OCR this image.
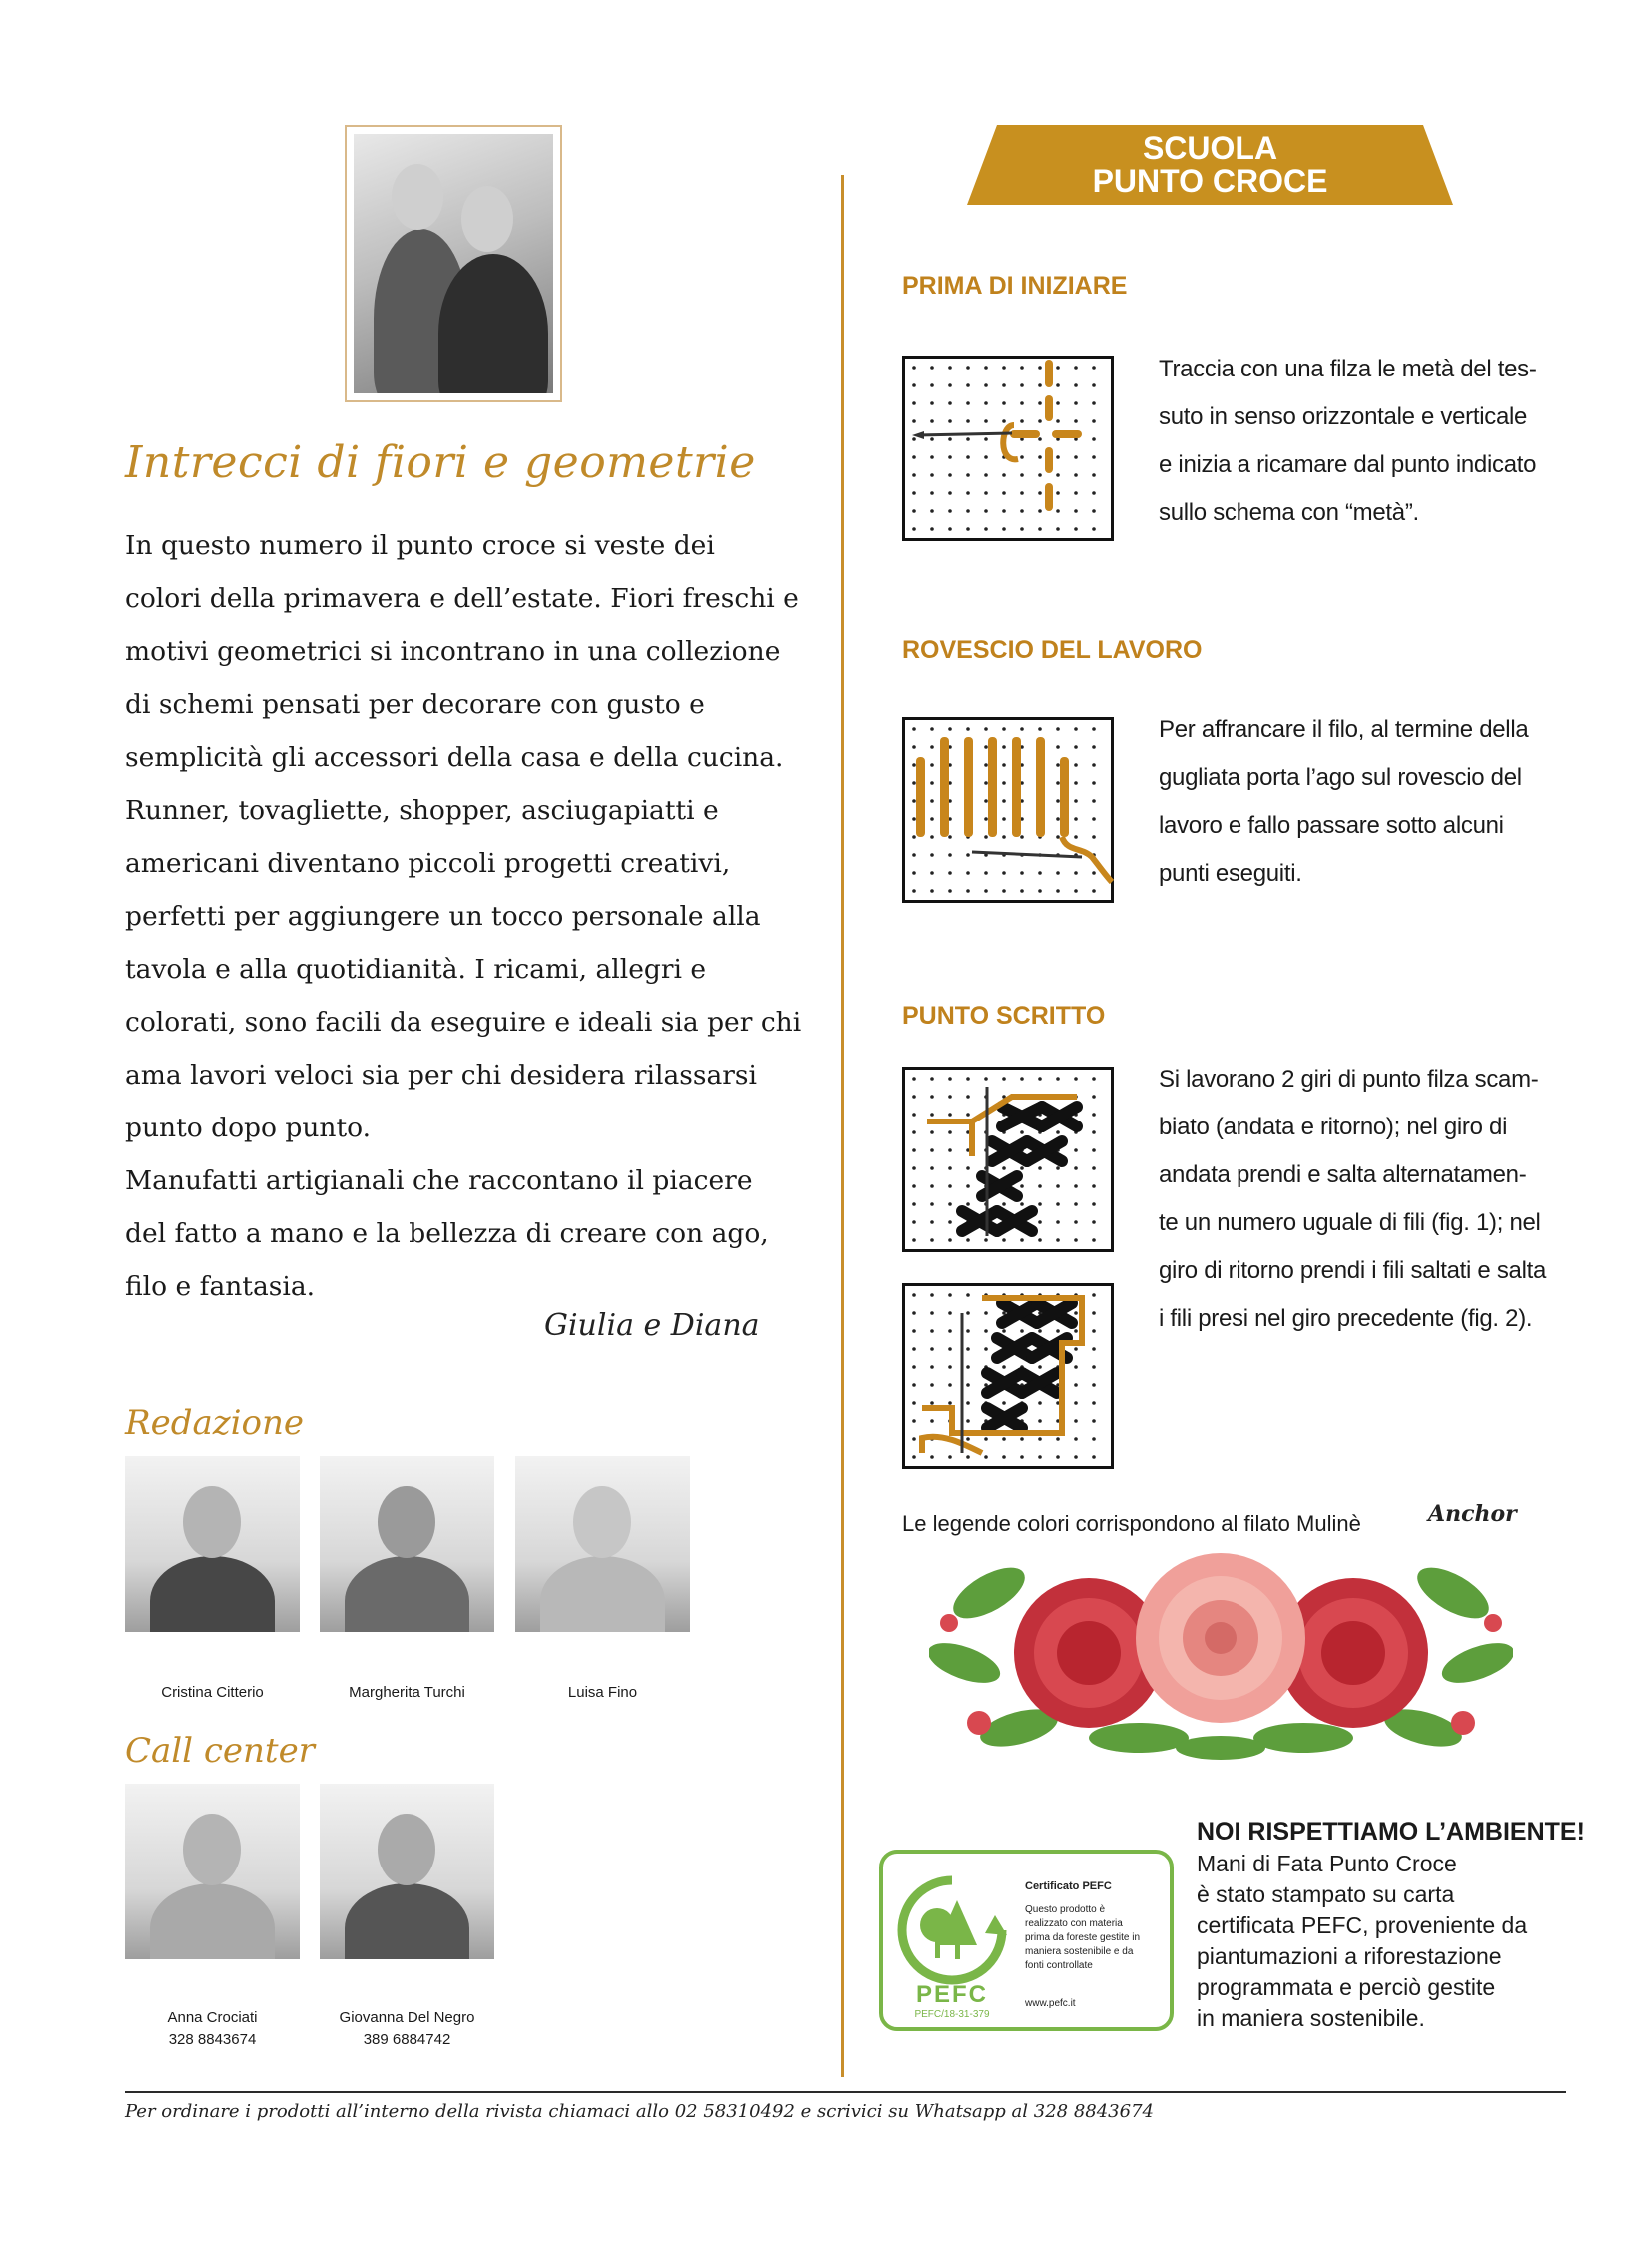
Intrecci di fiori e geometrie

In questo numero il punto croce si veste dei

colori della primavera e dell’estate. Fiori freschi e

motivi geometrici si incontrano in una collezione

di schemi pensati per decorare con gusto e

semplicità gli accessori della casa e della cucina.

Runner, tovagliette, shopper, asciugapiatti e

americani diventano piccoli progetti creativi,

perfetti per aggiungere un tocco personale alla

tavola e alla quotidianità. I ricami, allegri e

colorati, sono facili da eseguire e ideali sia per chi

ama lavori veloci sia per chi desidera rilassarsi

punto dopo punto.

Manufatti artigianali che raccontano il piacere

del fatto a mano e la bellezza di creare con ago,

filo e fantasia.

Giulia e Diana
Redazione
Cristina Citterio	Margherita Turchi	Luisa Fino
Call center
Anna Crociati
328 8843674
Giovanna Del Negro
389 6884742
Per ordinare i prodotti all’interno della rivista chiamaci allo 02 58310492 e scrivici su Whatsapp al 328 8843674
SCUOLA
PUNTO CROCE
PRIMA DI INIZIARE

Traccia con una filza le metà del tes-

suto in senso orizzontale e verticale

e inizia a ricamare dal punto indicato

sullo schema con “metà”.

ROVESCIO DEL LAVORO

Per affrancare il filo, al termine della

gugliata porta l’ago sul rovescio del

lavoro e fallo passare sotto alcuni

punti eseguiti.

PUNTO SCRITTO

Si lavorano 2 giri di punto filza scam-

biato (andata e ritorno); nel giro di

andata prendi e salta alternatamen-

te un numero uguale di fili (fig. 1); nel

giro di ritorno prendi i fili saltati e salta

i fili presi nel giro precedente (fig. 2).

Le legende colori corrispondono al filato Mulinè	Anchor
PEFC
PEFC/18-31-379
Certificato PEFC
Questo prodotto è
realizzato con materia
prima da foreste gestite in
maniera sostenibile e da
fonti controllate
www.pefc.it
NOI RISPETTIAMO L’AMBIENTE!

Mani di Fata Punto Croce

è stato stampato su carta

certificata PEFC, proveniente da

piantumazioni a riforestazione

programmata e perciò gestite

in maniera sostenibile.
